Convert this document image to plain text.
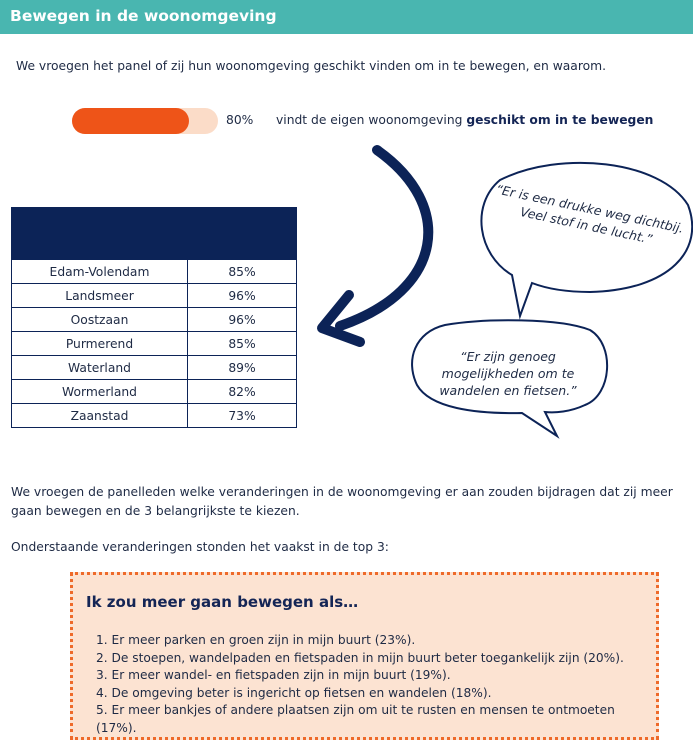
Bewegen in de woonomgeving
We vroegen het panel of zij hun woonomgeving geschikt vinden om in te bewegen, en waarom.
80% vindt de eigen woonomgeving geschikt om in te bewegen
“Er is een drukke weg dichtbij. Veel stof in de lucht.”
“Er zijn genoeg mogelijkheden om te wandelen en fietsen.”

Edam-Volendam	85%
Landsmeer	96%
Oostzaan	96%
Purmerend	85%
Waterland	89%
Wormerland	82%
Zaanstad	73%
We vroegen de panelleden welke veranderingen in de woonomgeving er aan zouden bijdragen dat zij meer gaan bewegen en de 3 belangrijkste te kiezen.
Onderstaande veranderingen stonden het vaakst in de top 3:
Ik zou meer gaan bewegen als…
1. Er meer parken en groen zijn in mijn buurt (23%).
2. De stoepen, wandelpaden en fietspaden in mijn buurt beter toegankelijk zijn (20%).
3. Er meer wandel- en fietspaden zijn in mijn buurt (19%).
4. De omgeving beter is ingericht op fietsen en wandelen (18%).
5. Er meer bankjes of andere plaatsen zijn om uit te rusten en mensen te ontmoeten (17%).
